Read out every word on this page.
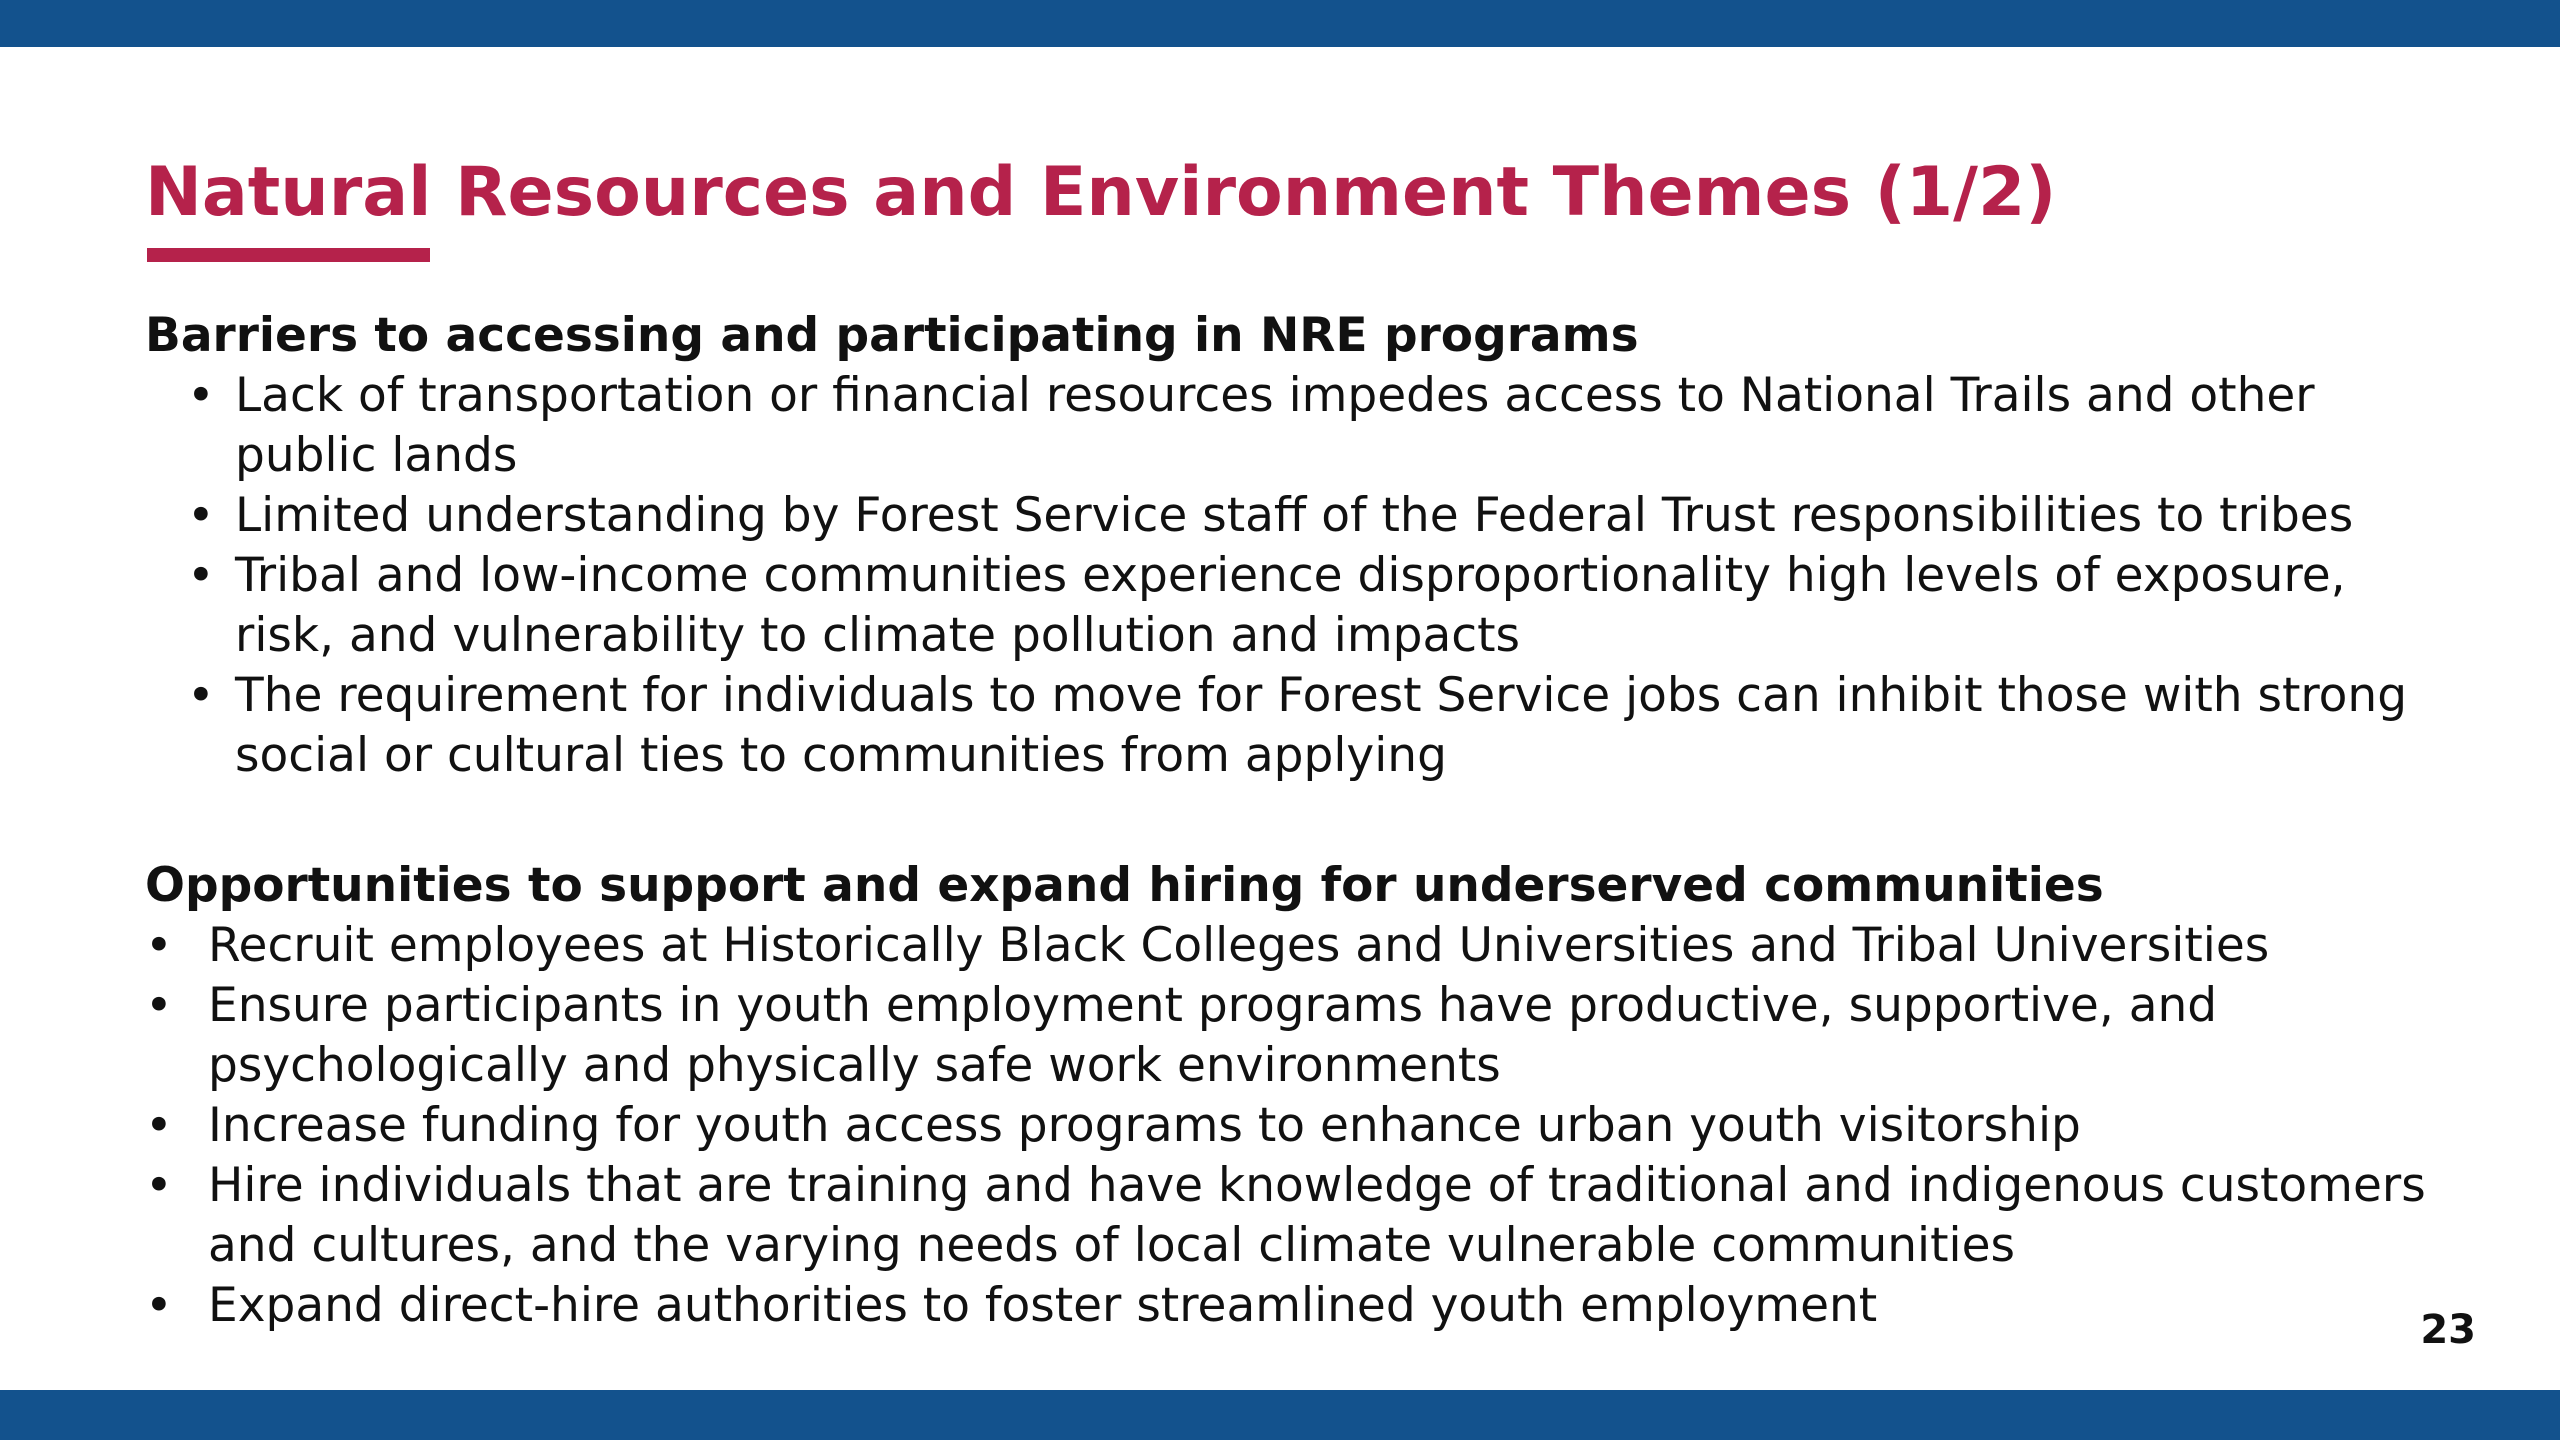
Natural Resources and Environment Themes (1/2)
Barriers to accessing and participating in NRE programs
• Lack of transportation or financial resources impedes access to National Trails and other public lands
• Limited understanding by Forest Service staff of the Federal Trust responsibilities to tribes
• Tribal and low-income communities experience disproportionality high levels of exposure, risk, and vulnerability to climate pollution and impacts
• The requirement for individuals to move for Forest Service jobs can inhibit those with strong social or cultural ties to communities from applying
Opportunities to support and expand hiring for underserved communities
• Recruit employees at Historically Black Colleges and Universities and Tribal Universities
• Ensure participants in youth employment programs have productive, supportive, and psychologically and physically safe work environments
• Increase funding for youth access programs to enhance urban youth visitorship
• Hire individuals that are training and have knowledge of traditional and indigenous customers and cultures, and the varying needs of local climate vulnerable communities
• Expand direct-hire authorities to foster streamlined youth employment	23
